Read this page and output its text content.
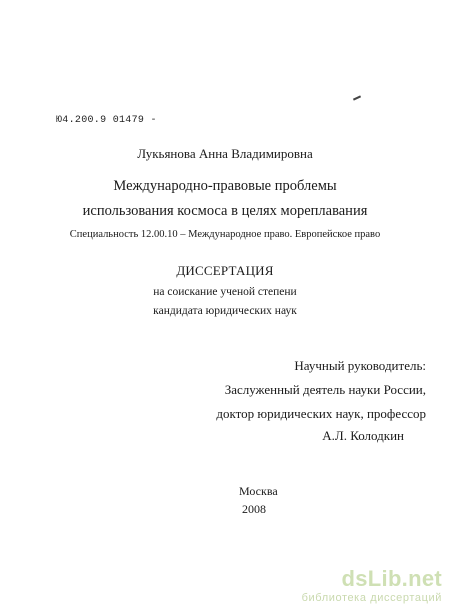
Ю4.200.9 01479 -
Лукьянова Анна Владимировна
Международно-правовые проблемы
использования космоса в целях мореплавания
Специальность 12.00.10 – Международное право. Европейское право
ДИССЕРТАЦИЯ
на соискание ученой степени
кандидата юридических наук
Научный руководитель:
Заслуженный деятель науки России,
доктор юридических наук, профессор
А.Л. Колодкин
Москва
2008
dsLib.net
библиотека диссертаций
